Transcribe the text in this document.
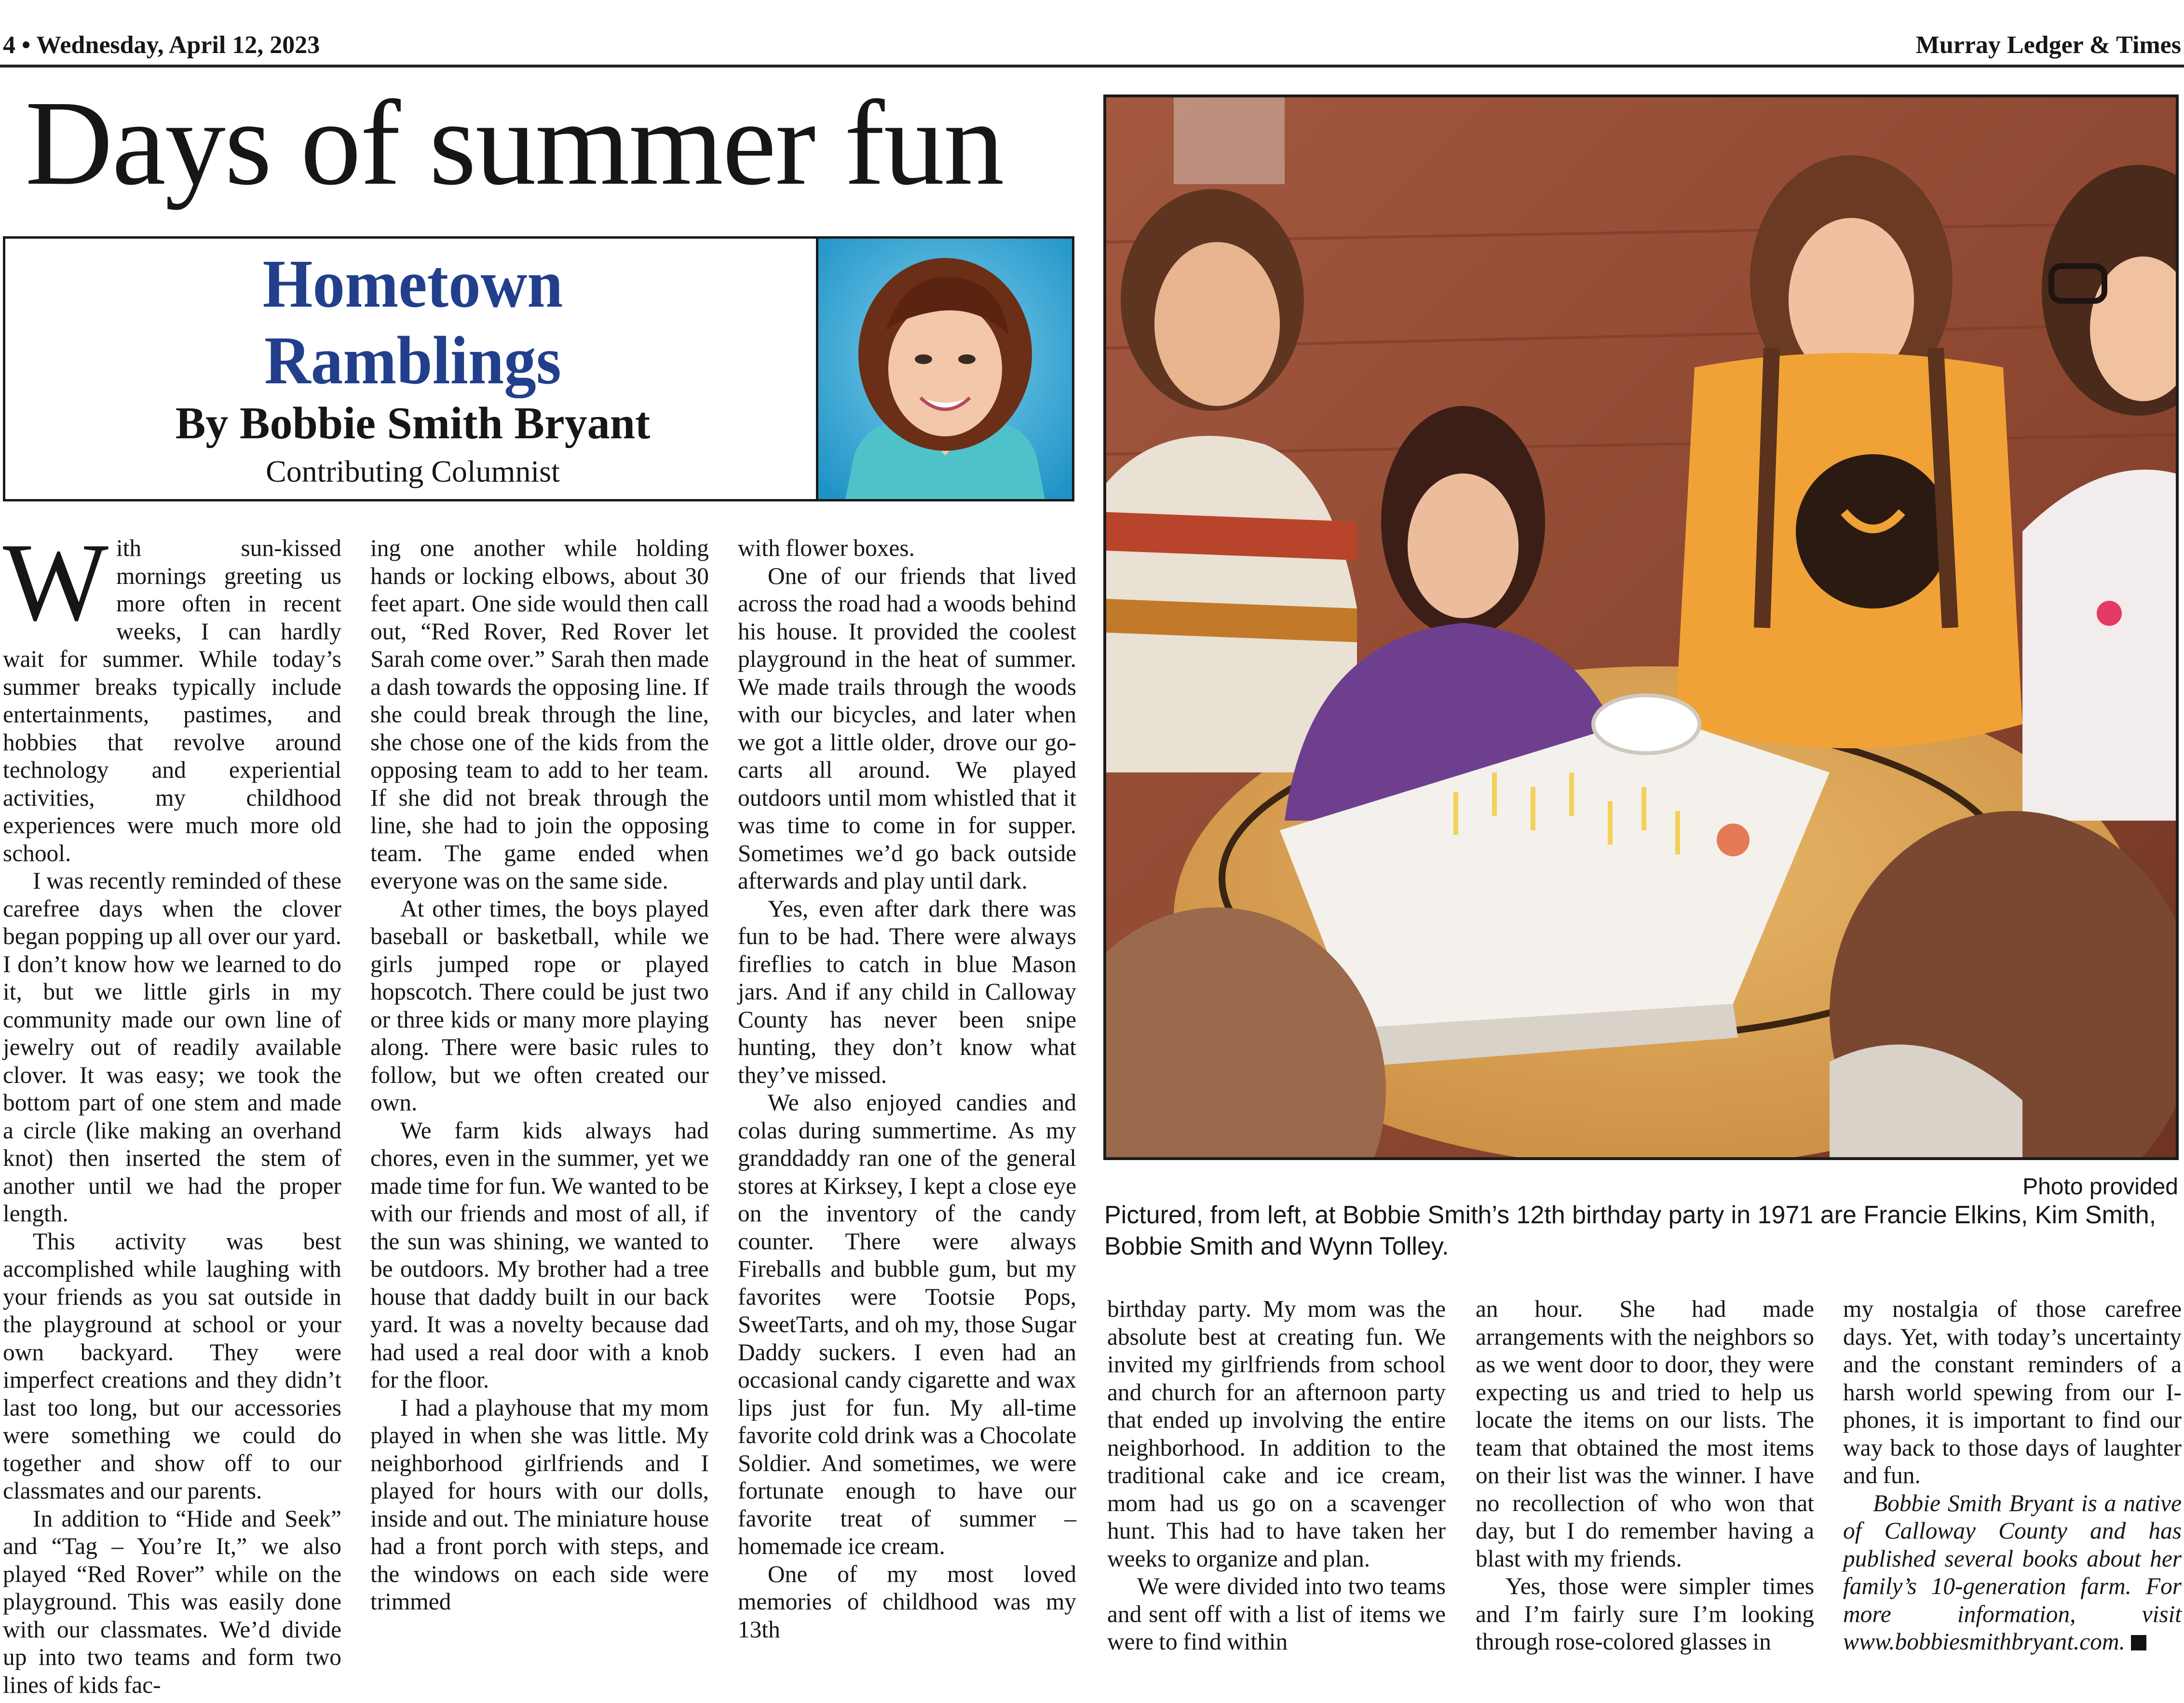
4 • Wednesday, April 12, 2023	Murray Ledger & Times
Days of summer fun
Hometown
Ramblings
By Bobbie Smith Bryant
Contributing Columnist

With sun-kissed mornings greeting us more often in recent weeks, I can hardly wait for summer. While today’s summer breaks typically include entertainments, pastimes, and hobbies that revolve around technology and experiential activities, my childhood experiences were much more old school.

I was recently reminded of these carefree days when the clover began popping up all over our yard. I don’t know how we learned to do it, but we little girls in my community made our own line of jewelry out of readily available clover. It was easy; we took the bottom part of one stem and made a circle (like making an overhand knot) then inserted the stem of another until we had the proper length.

This activity was best accomplished while laughing with your friends as you sat outside in the playground at school or your own backyard. They were imperfect creations and they didn’t last too long, but our accessories were something we could do together and show off to our classmates and our parents.

In addition to “Hide and Seek” and “Tag – You’re It,” we also played “Red Rover” while on the playground. This was easily done with our classmates. We’d divide up into two teams and form two lines of kids fac-

ing one another while holding hands or locking elbows, about 30 feet apart. One side would then call out, “Red Rover, Red Rover let Sarah come over.” Sarah then made a dash towards the opposing line. If she could break through the line, she chose one of the kids from the opposing team to add to her team. If she did not break through the line, she had to join the opposing team. The game ended when everyone was on the same side.

At other times, the boys played baseball or basketball, while we girls jumped rope or played hopscotch. There could be just two or three kids or many more playing along. There were basic rules to follow, but we often created our own.

We farm kids always had chores, even in the summer, yet we made time for fun. We wanted to be with our friends and most of all, if the sun was shining, we wanted to be outdoors. My brother had a tree house that daddy built in our back yard. It was a novelty because dad had used a real door with a knob for the floor.

I had a playhouse that my mom played in when she was little. My neighborhood girlfriends and I played for hours with our dolls, inside and out. The miniature house had a front porch with steps, and the windows on each side were trimmed

with flower boxes.

One of our friends that lived across the road had a woods behind his house. It provided the coolest playground in the heat of summer. We made trails through the woods with our bicycles, and later when we got a little older, drove our go-carts all around. We played outdoors until mom whistled that it was time to come in for supper. Sometimes we’d go back outside afterwards and play until dark.

Yes, even after dark there was fun to be had. There were always fireflies to catch in blue Mason jars. And if any child in Calloway County has never been snipe hunting, they don’t know what they’ve missed.

We also enjoyed candies and colas during summertime. As my granddaddy ran one of the general stores at Kirksey, I kept a close eye on the inventory of the candy counter. There were always Fireballs and bubble gum, but my favorites were Tootsie Pops, SweetTarts, and oh my, those Sugar Daddy suckers. I even had an occasional candy cigarette and wax lips just for fun. My all-time favorite cold drink was a Chocolate Soldier. And sometimes, we were fortunate enough to have our favorite treat of summer – homemade ice cream.

One of my most loved memories of childhood was my 13th

Photo provided
Pictured, from left, at Bobbie Smith’s 12th birthday party in 1971 are Francie Elkins, Kim Smith, Bobbie Smith and Wynn Tolley.

birthday party. My mom was the absolute best at creating fun. We invited my girlfriends from school and church for an afternoon party that ended up involving the entire neighborhood. In addition to the traditional cake and ice cream, mom had us go on a scavenger hunt. This had to have taken her weeks to organize and plan.

We were divided into two teams and sent off with a list of items we were to find within

an hour. She had made arrangements with the neighbors so as we went door to door, they were expecting us and tried to help us locate the items on our lists. The team that obtained the most items on their list was the winner. I have no recollection of who won that day, but I do remember having a blast with my friends.

Yes, those were simpler times and I’m fairly sure I’m looking through rose-colored glasses in

my nostalgia of those carefree days. Yet, with today’s uncertainty and the constant reminders of a harsh world spewing from our I-phones, it is important to find our way back to those days of laughter and fun.

Bobbie Smith Bryant is a native of Calloway County and has published several books about her family’s 10-generation farm. For more information, visit www.bobbiesmithbryant.com.
